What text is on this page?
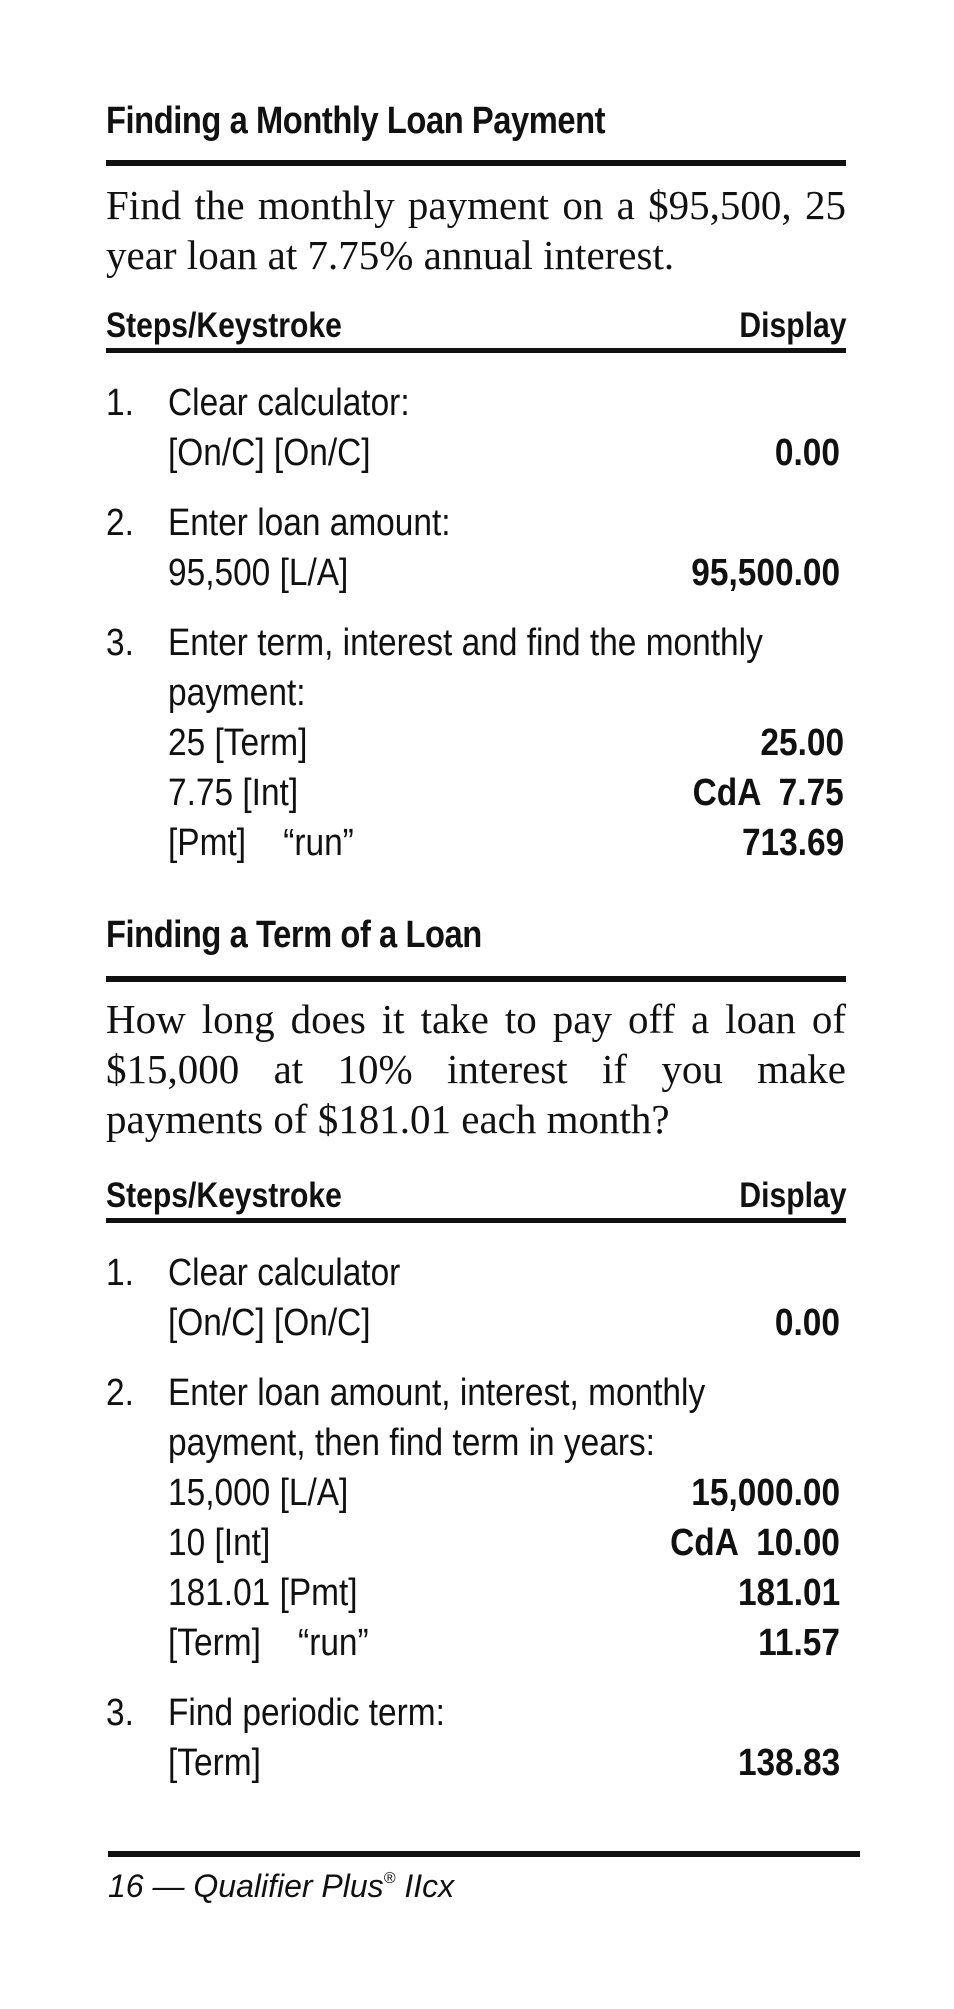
Finding a Monthly Loan Payment

Find the monthly payment on a $95,500, 25 year loan at 7.75% annual interest.

Steps/Keystroke	Display
1. Clear calculator:
[On/C] [On/C]	0.00
2. Enter loan amount:
95,500 [L/A]	95,500.00
3. Enter term, interest and find the monthly
payment:
25 [Term]	25.00
7.75 [Int]	CdA  7.75
[Pmt]    “run”	713.69
Finding a Term of a Loan

How long does it take to pay off a loan of $15,000 at 10% interest if you make payments of $181.01 each month?

Steps/Keystroke	Display
1. Clear calculator
[On/C] [On/C]	0.00
2. Enter loan amount, interest, monthly
payment, then find term in years:
15,000 [L/A]	15,000.00
10 [Int]	CdA  10.00
181.01 [Pmt]	181.01
[Term]    “run”	11.57
3. Find periodic term:
[Term]	138.83
16 — Qualifier Plus® IIcx
